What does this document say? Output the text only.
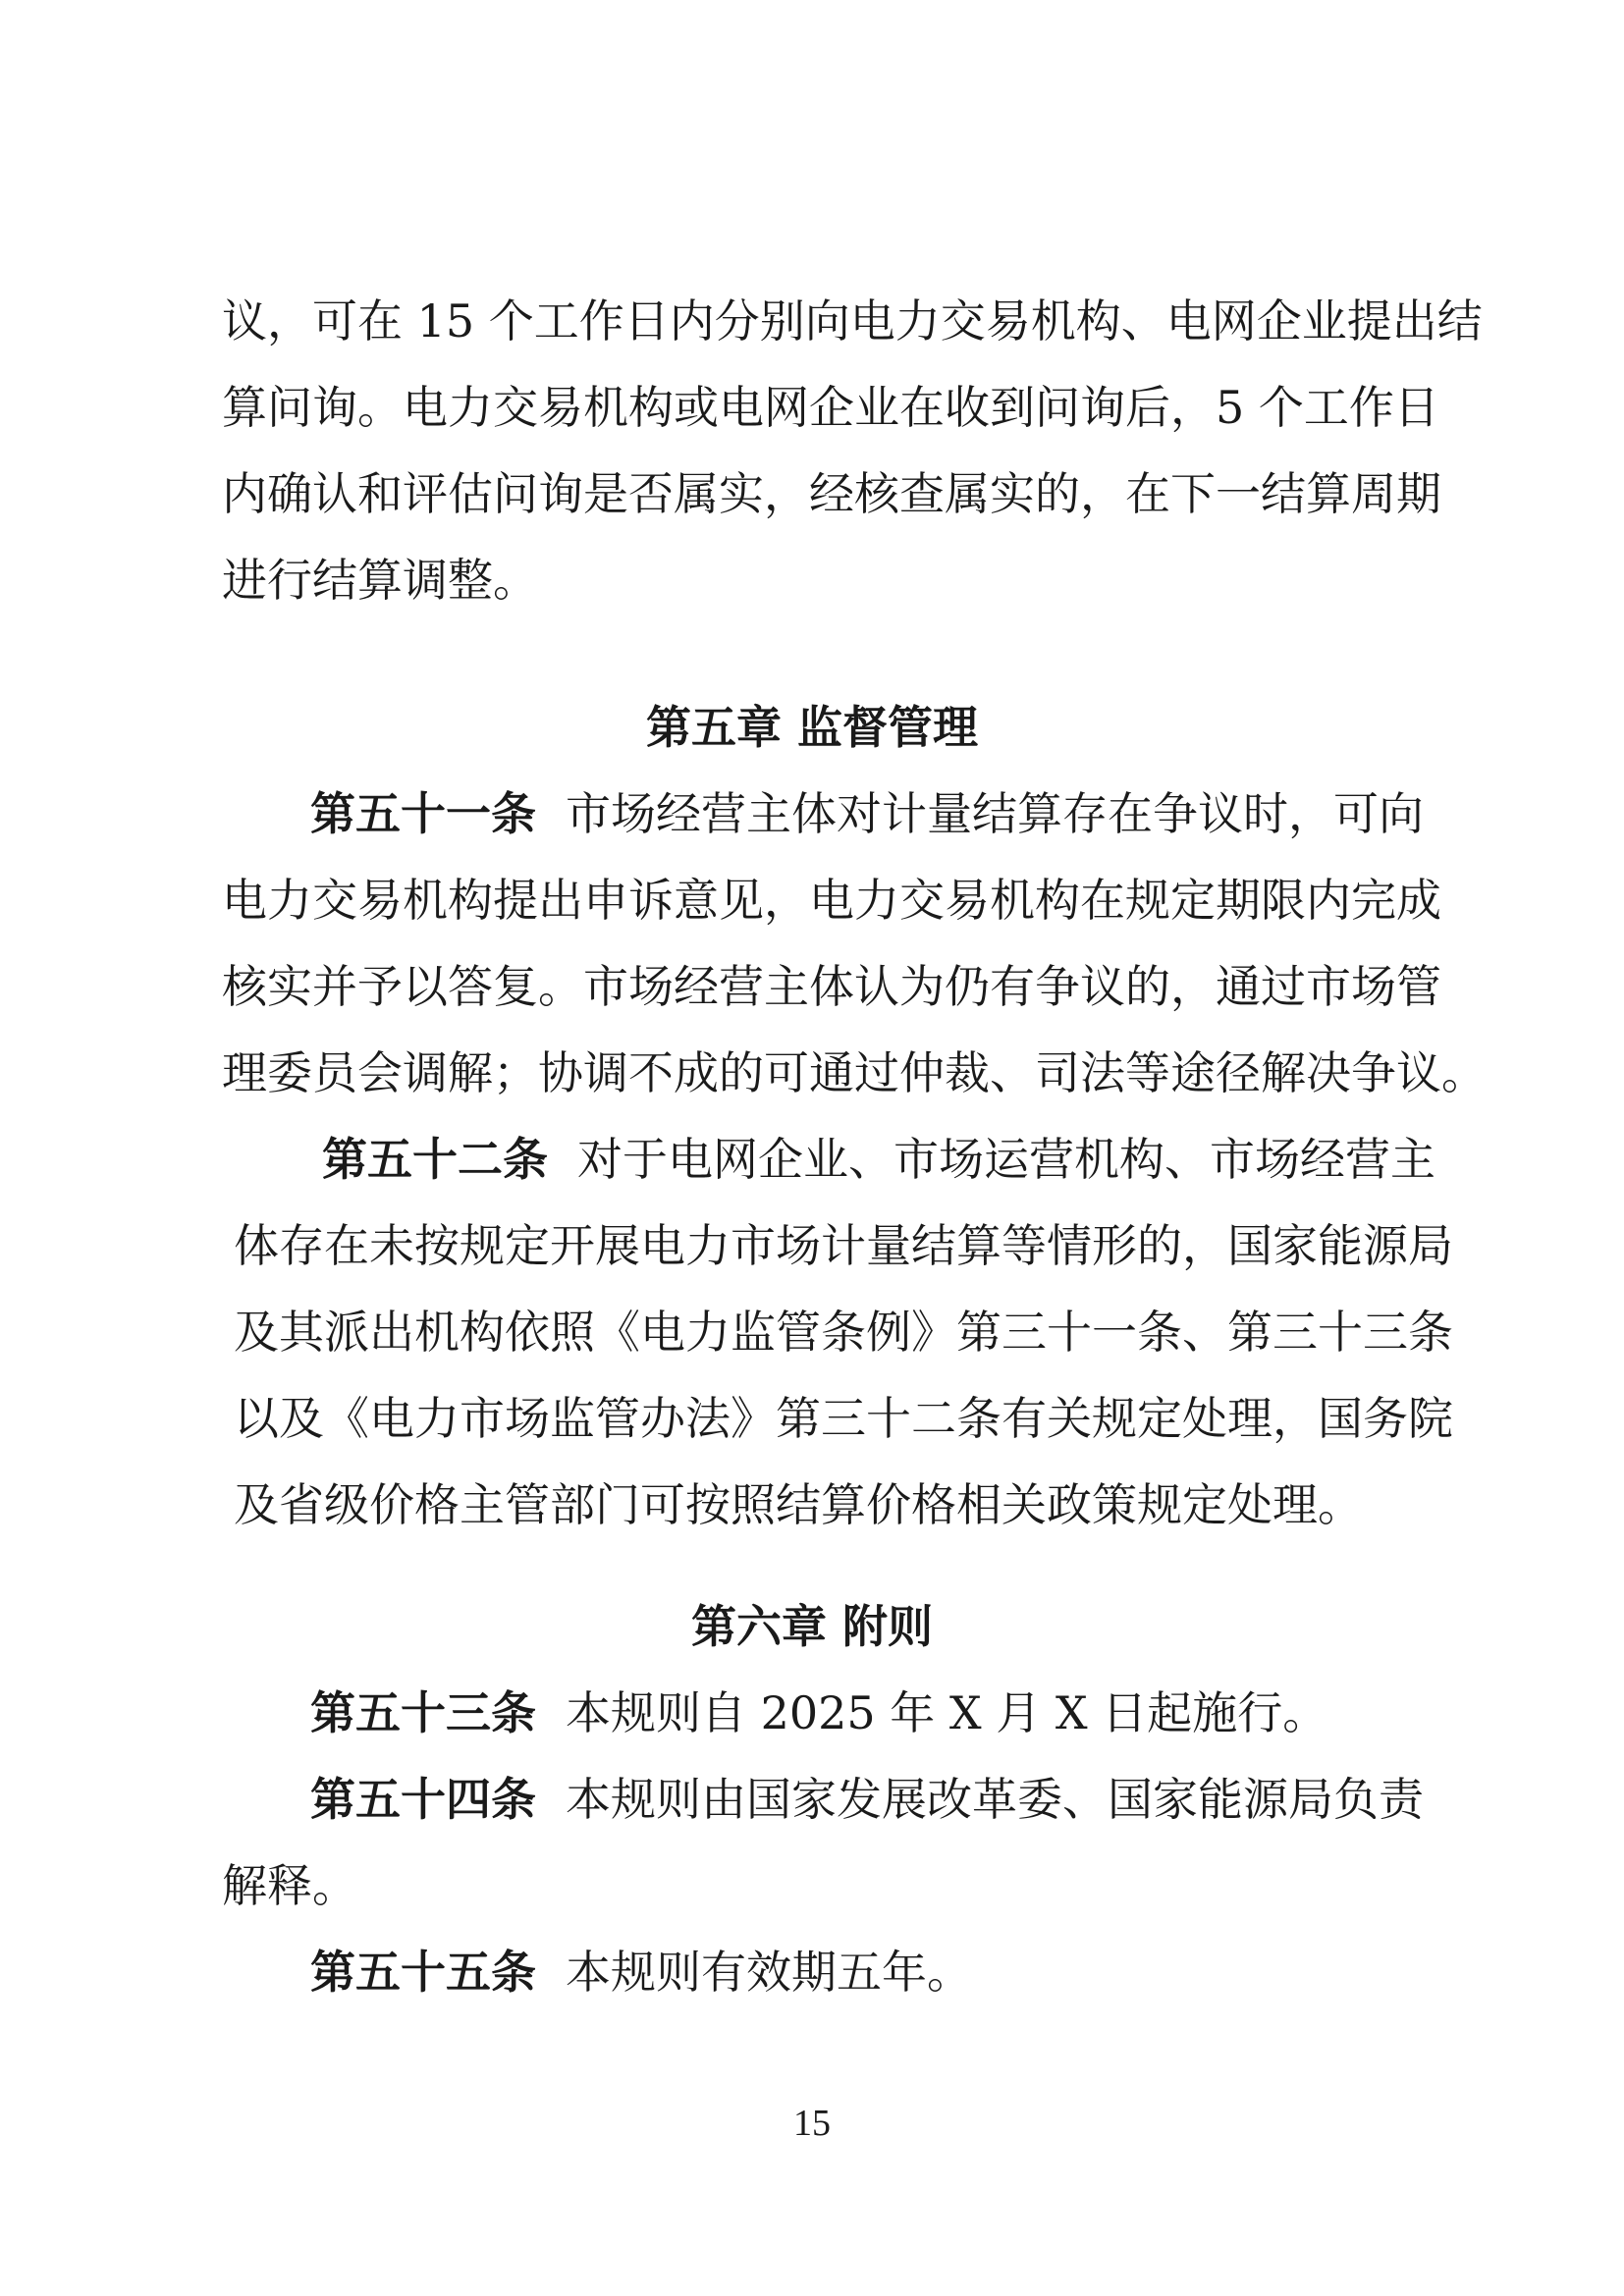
议，可在 15 个工作日内分别向电力交易机构、电网企业提出结
算问询。电力交易机构或电网企业在收到问询后，5 个工作日
内确认和评估问询是否属实，经核查属实的，在下一结算周期
进行结算调整。
第五章 监督管理
第五十一条 市场经营主体对计量结算存在争议时，可向
电力交易机构提出申诉意见，电力交易机构在规定期限内完成
核实并予以答复。市场经营主体认为仍有争议的，通过市场管
理委员会调解；协调不成的可通过仲裁、司法等途径解决争议。
第五十二条 对于电网企业、市场运营机构、市场经营主
体存在未按规定开展电力市场计量结算等情形的，国家能源局
及其派出机构依照《电力监管条例》第三十一条、第三十三条
以及《电力市场监管办法》第三十二条有关规定处理，国务院
及省级价格主管部门可按照结算价格相关政策规定处理。
第六章 附则
第五十三条 本规则自 2025 年 X 月 X 日起施行。
第五十四条 本规则由国家发展改革委、国家能源局负责
解释。
第五十五条 本规则有效期五年。
15
